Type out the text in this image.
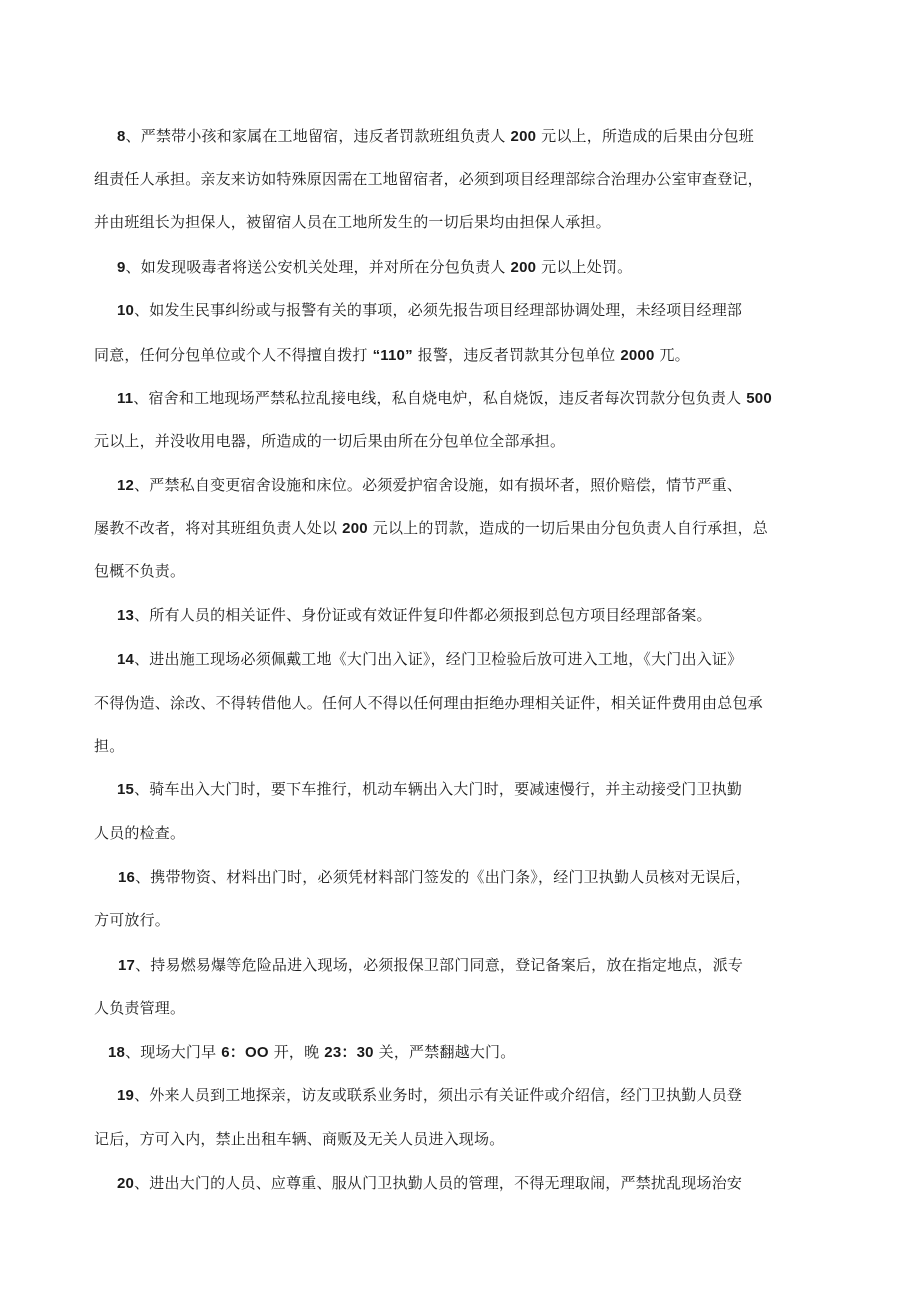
8、严禁带小孩和家属在工地留宿，违反者罚款班组负责人 200 元以上，所造成的后果由分包班
组责任人承担。亲友来访如特殊原因需在工地留宿者，必须到项目经理部综合治理办公室审查登记，
并由班组长为担保人，被留宿人员在工地所发生的一切后果均由担保人承担。
9、如发现吸毒者将送公安机关处理，并对所在分包负责人 200 元以上处罚。
10、如发生民事纠纷或与报警有关的事项，必须先报告项目经理部协调处理，未经项目经理部
同意，任何分包单位或个人不得擅自拨打 “110” 报警，违反者罚款其分包单位 2000 兀。
11、宿舍和工地现场严禁私拉乱接电线，私自烧电炉，私自烧饭，违反者每次罚款分包负责人 500
元以上，并没收用电器，所造成的一切后果由所在分包单位全部承担。
12、严禁私自变更宿舍设施和床位。必须爱护宿舍设施，如有损坏者，照价赔偿，情节严重、
屡教不改者，将对其班组负责人处以 200 元以上的罚款，造成的一切后果由分包负责人自行承担，总
包概不负责。
13、所有人员的相关证件、身份证或有效证件复印件都必须报到总包方项目经理部备案。
14、进出施工现场必须佩戴工地《大门出入证》，经门卫检验后放可进入工地，《大门出入证》
不得伪造、涂改、不得转借他人。任何人不得以任何理由拒绝办理相关证件，相关证件费用由总包承
担。
15、骑车出入大门时，要下车推行，机动车辆出入大门时，要减速慢行，并主动接受门卫执勤
人员的检查。
16、携带物资、材料出门时，必须凭材料部门签发的《出门条》，经门卫执勤人员核对无误后，
方可放行。
17、持易燃易爆等危险品进入现场，必须报保卫部门同意，登记备案后，放在指定地点，派专
人负责管理。
18、现场大门早 6：OO 开，晚 23：30 关，严禁翻越大门。
19、外来人员到工地探亲，访友或联系业务时，须出示有关证件或介绍信，经门卫执勤人员登
记后，方可入内，禁止出租车辆、商贩及无关人员进入现场。
20、进出大门的人员、应尊重、服从门卫执勤人员的管理，不得无理取闹，严禁扰乱现场治安
